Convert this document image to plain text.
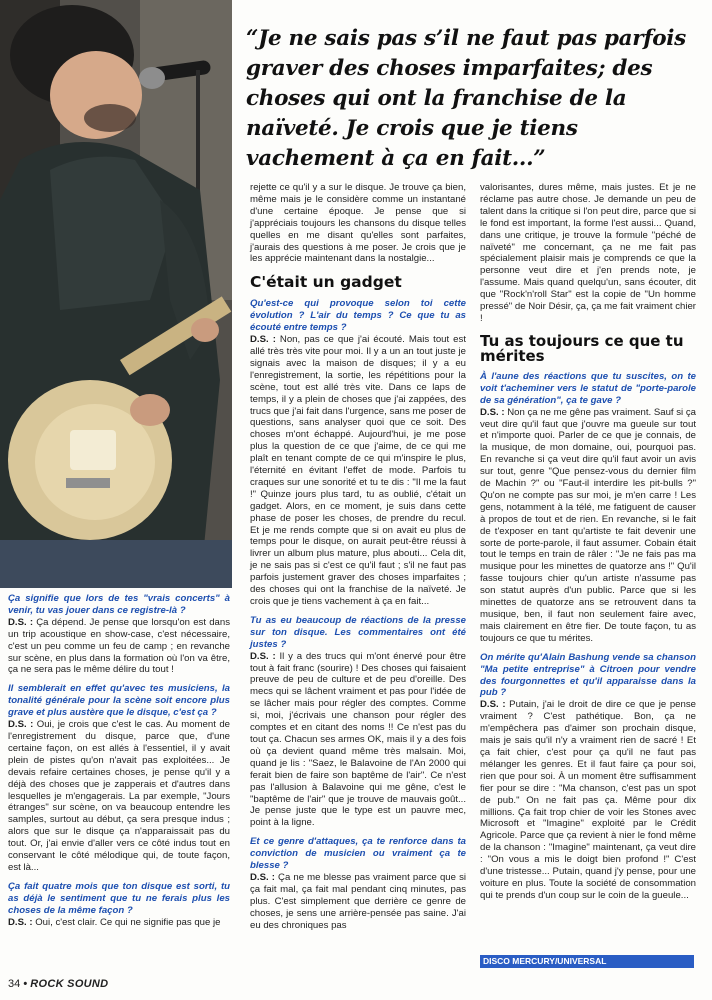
“Je ne sais pas s’il ne faut pas parfois graver des choses imparfaites; des choses qui ont la franchise de la naïveté. Je crois que je tiens vachement à ça en fait...”

Ça signifie que lors de tes "vrais concerts" à venir, tu vas jouer dans ce registre-là ?

D.S. : Ça dépend. Je pense que lorsqu'on est dans un trip acoustique en show-case, c'est nécessaire, c'est un peu comme un feu de camp ; en revanche sur scène, en plus dans la formation où l'on va être, ça ne sera pas le même délire du tout !

Il semblerait en effet qu'avec tes musiciens, la tonalité générale pour la scène soit encore plus grave et plus austère que le disque, c'est ça ?

D.S. : Oui, je crois que c'est le cas. Au moment de l'enregistrement du disque, parce que, d'une certaine façon, on est allés à l'essentiel, il y avait plein de pistes qu'on n'avait pas exploitées... Je devais refaire certaines choses, je pense qu'il y a déjà des choses que je zapperais et d'autres dans lesquelles je m'engagerais. La par exemple, "Jours étranges" sur scène, on va beaucoup entendre les samples, surtout au début, ça sera presque indus ; alors que sur le disque ça n'apparaissait pas du tout. Or, j'ai envie d'aller vers ce côté indus tout en conservant le côté mélodique qui, de toute façon, est là...

Ça fait quatre mois que ton disque est sorti, tu as déjà le sentiment que tu ne ferais plus les choses de la même façon ?

D.S. : Oui, c'est clair. Ce qui ne signifie pas que je

rejette ce qu'il y a sur le disque. Je trouve ça bien, même mais je le considère comme un instantané d'une certaine époque. Je pense que si j'appréciais toujours les chansons du disque telles quelles en me disant qu'elles sont parfaites, j'aurais des questions à me poser. Je crois que je les apprécie maintenant dans la nostalgie...

C'était un gadget

Qu'est-ce qui provoque selon toi cette évolution ? L'air du temps ? Ce que tu as écouté entre temps ?

D.S. : Non, pas ce que j'ai écouté. Mais tout est allé très très vite pour moi. Il y a un an tout juste je signais avec la maison de disques; il y a eu l'enregistrement, la sortie, les répétitions pour la scène, tout est allé très vite. Dans ce laps de temps, il y a plein de choses que j'ai zappées, des trucs que j'ai fait dans l'urgence, sans me poser de questions, sans analyser quoi que ce soit. Des choses m'ont échappé. Aujourd'hui, je me pose plus la question de ce que j'aime, de ce qui me plaît en tenant compte de ce qui m'inspire le plus, l'éternité en évitant l'effet de mode. Parfois tu craques sur une sonorité et tu te dis : "Il me la faut !" Quinze jours plus tard, tu as oublié, c'était un gadget. Alors, en ce moment, je suis dans cette phase de poser les choses, de prendre du recul. Et je me rends compte que si on avait eu plus de temps pour le disque, on aurait peut-être réussi à livrer un album plus mature, plus abouti... Cela dit, je ne sais pas si c'est ce qu'il faut ; s'il ne faut pas parfois justement graver des choses imparfaites ; des choses qui ont la franchise de la naïveté. Je crois que je tiens vachement à ça en fait...

Tu as eu beaucoup de réactions de la presse sur ton disque. Les commentaires ont été justes ?

D.S. : Il y a des trucs qui m'ont énervé pour être tout à fait franc (sourire) ! Des choses qui faisaient preuve de peu de culture et de peu d'oreille. Des mecs qui se lâchent vraiment et pas pour l'idée de se lâcher mais pour régler des comptes. Comme si, moi, j'écrivais une chanson pour régler des comptes et en citant des noms !! Ce n'est pas du tout ça. Chacun ses armes OK, mais il y a des fois où ça devient quand même très malsain. Moi, quand je lis : "Saez, le Balavoine de l'An 2000 qui ferait bien de faire son baptême de l'air". Ce n'est pas l'allusion à Balavoine qui me gêne, c'est le "baptême de l'air" que je trouve de mauvais goût... Je pense juste que le type est un pauvre mec, point à la ligne.

Et ce genre d'attaques, ça te renforce dans ta conviction de musicien ou vraiment ça te blesse ?

D.S. : Ça ne me blesse pas vraiment parce que si ça fait mal, ça fait mal pendant cinq minutes, pas plus. C'est simplement que derrière ce genre de choses, je sens une arrière-pensée pas saine. J'ai eu des chroniques pas

valorisantes, dures même, mais justes. Et je ne réclame pas autre chose. Je demande un peu de talent dans la critique si l'on peut dire, parce que si le fond est important, la forme l'est aussi... Quand, dans une critique, je trouve la formule "péché de naïveté" me concernant, ça ne me fait pas spécialement plaisir mais je comprends ce que la personne veut dire et j'en prends note, je l'assume. Mais quand quelqu'un, sans écouter, dit que "Rock'n'roll Star" est la copie de "Un homme pressé" de Noir Désir, ça, ça me fait vraiment chier !

Tu as toujours ce que tu mérites

À l'aune des réactions que tu suscites, on te voit t'acheminer vers le statut de "porte-parole de sa génération", ça te gave ?

D.S. : Non ça ne me gêne pas vraiment. Sauf si ça veut dire qu'il faut que j'ouvre ma gueule sur tout et n'importe quoi. Parler de ce que je connais, de la musique, de mon domaine, oui, pourquoi pas. En revanche si ça veut dire qu'il faut avoir un avis sur tout, genre "Que pensez-vous du dernier film de Machin ?" ou "Faut-il interdire les pit-bulls ?" Qu'on ne compte pas sur moi, je m'en carre ! Les gens, notamment à la télé, me fatiguent de causer à propos de tout et de rien. En revanche, si le fait de t'exposer en tant qu'artiste te fait devenir une sorte de porte-parole, il faut assumer. Cobain était tout le temps en train de râler : "Je ne fais pas ma musique pour les minettes de quatorze ans !" Qu'il fasse toujours chier qu'un artiste n'assume pas son statut auprès d'un public. Parce que si les minettes de quatorze ans se retrouvent dans ta musique, ben, il faut non seulement faire avec, mais clairement en être fier. De toute façon, tu as toujours ce que tu mérites.

On mérite qu'Alain Bashung vende sa chanson "Ma petite entreprise" à Citroen pour vendre des fourgonnettes et qu'il apparaisse dans la pub ?

D.S. : Putain, j'ai le droit de dire ce que je pense vraiment ? C'est pathétique. Bon, ça ne m'empêchera pas d'aimer son prochain disque, mais je sais qu'il n'y a vraiment rien de sacré ! Et ça fait chier, c'est pour ça qu'il ne faut pas mélanger les genres. Et il faut faire ça pour soi, rien que pour soi. À un moment être suffisamment fier pour se dire : "Ma chanson, c'est pas un spot de pub." On ne fait pas ça. Même pour dix millions. Ça fait trop chier de voir les Stones avec Microsoft et "Imagine" exploité par le Crédit Agricole. Parce que ça revient à nier le fond même de la chanson : "Imagine" maintenant, ça veut dire : "On vous a mis le doigt bien profond !" C'est d'une tristesse... Putain, quand j'y pense, pour une voiture en plus. Toute la société de consommation qui te prends d'un coup sur le coin de la gueule...

DISCO MERCURY/UNIVERSAL
34 • ROCK SOUND
